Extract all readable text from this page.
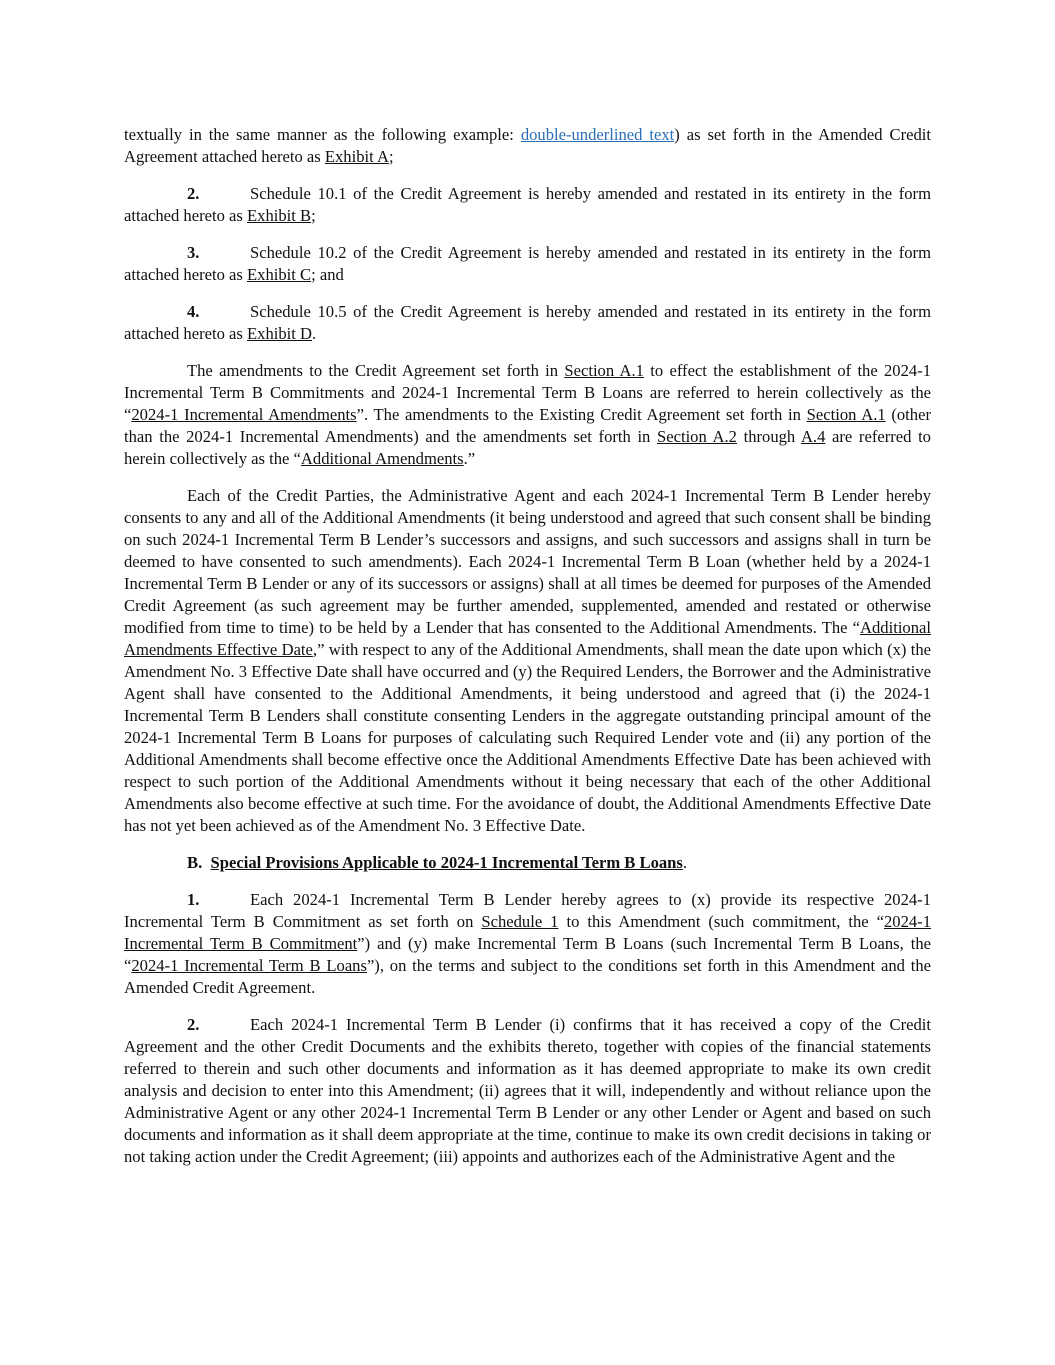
textually in the same manner as the following example: double-underlined text) as set forth in the Amended Credit Agreement attached hereto as Exhibit A;

2.	Schedule 10.1 of the Credit Agreement is hereby amended and restated in its entirety in the form attached hereto as Exhibit B;

3.	Schedule 10.2 of the Credit Agreement is hereby amended and restated in its entirety in the form attached hereto as Exhibit C; and

4.	Schedule 10.5 of the Credit Agreement is hereby amended and restated in its entirety in the form attached hereto as Exhibit D.

The amendments to the Credit Agreement set forth in Section A.1 to effect the establishment of the 2024-1 Incremental Term B Commitments and 2024-1 Incremental Term B Loans are referred to herein collectively as the “2024-1 Incremental Amendments”. The amendments to the Existing Credit Agreement set forth in Section A.1 (other than the 2024-1 Incremental Amendments) and the amendments set forth in Section A.2 through A.4 are referred to herein collectively as the “Additional Amendments.”

Each of the Credit Parties, the Administrative Agent and each 2024-1 Incremental Term B Lender hereby consents to any and all of the Additional Amendments (it being understood and agreed that such consent shall be binding on such 2024-1 Incremental Term B Lender’s successors and assigns, and such successors and assigns shall in turn be deemed to have consented to such amendments). Each 2024-1 Incremental Term B Loan (whether held by a 2024-1 Incremental Term B Lender or any of its successors or assigns) shall at all times be deemed for purposes of the Amended Credit Agreement (as such agreement may be further amended, supplemented, amended and restated or otherwise modified from time to time) to be held by a Lender that has consented to the Additional Amendments. The “Additional Amendments Effective Date,” with respect to any of the Additional Amendments, shall mean the date upon which (x) the Amendment No. 3 Effective Date shall have occurred and (y) the Required Lenders, the Borrower and the Administrative Agent shall have consented to the Additional Amendments, it being understood and agreed that (i) the 2024-1 Incremental Term B Lenders shall constitute consenting Lenders in the aggregate outstanding principal amount of the 2024-1 Incremental Term B Loans for purposes of calculating such Required Lender vote and (ii) any portion of the Additional Amendments shall become effective once the Additional Amendments Effective Date has been achieved with respect to such portion of the Additional Amendments without it being necessary that each of the other Additional Amendments also become effective at such time. For the avoidance of doubt, the Additional Amendments Effective Date has not yet been achieved as of the Amendment No. 3 Effective Date.

B. Special Provisions Applicable to 2024-1 Incremental Term B Loans.

1.	Each 2024-1 Incremental Term B Lender hereby agrees to (x) provide its respective 2024-1 Incremental Term B Commitment as set forth on Schedule 1 to this Amendment (such commitment, the “2024-1 Incremental Term B Commitment”) and (y) make Incremental Term B Loans (such Incremental Term B Loans, the “2024-1 Incremental Term B Loans”), on the terms and subject to the conditions set forth in this Amendment and the Amended Credit Agreement.

2.	Each 2024-1 Incremental Term B Lender (i) confirms that it has received a copy of the Credit Agreement and the other Credit Documents and the exhibits thereto, together with copies of the financial statements referred to therein and such other documents and information as it has deemed appropriate to make its own credit analysis and decision to enter into this Amendment; (ii) agrees that it will, independently and without reliance upon the Administrative Agent or any other 2024-1 Incremental Term B Lender or any other Lender or Agent and based on such documents and information as it shall deem appropriate at the time, continue to make its own credit decisions in taking or not taking action under the Credit Agreement; (iii) appoints and authorizes each of the Administrative Agent and the
